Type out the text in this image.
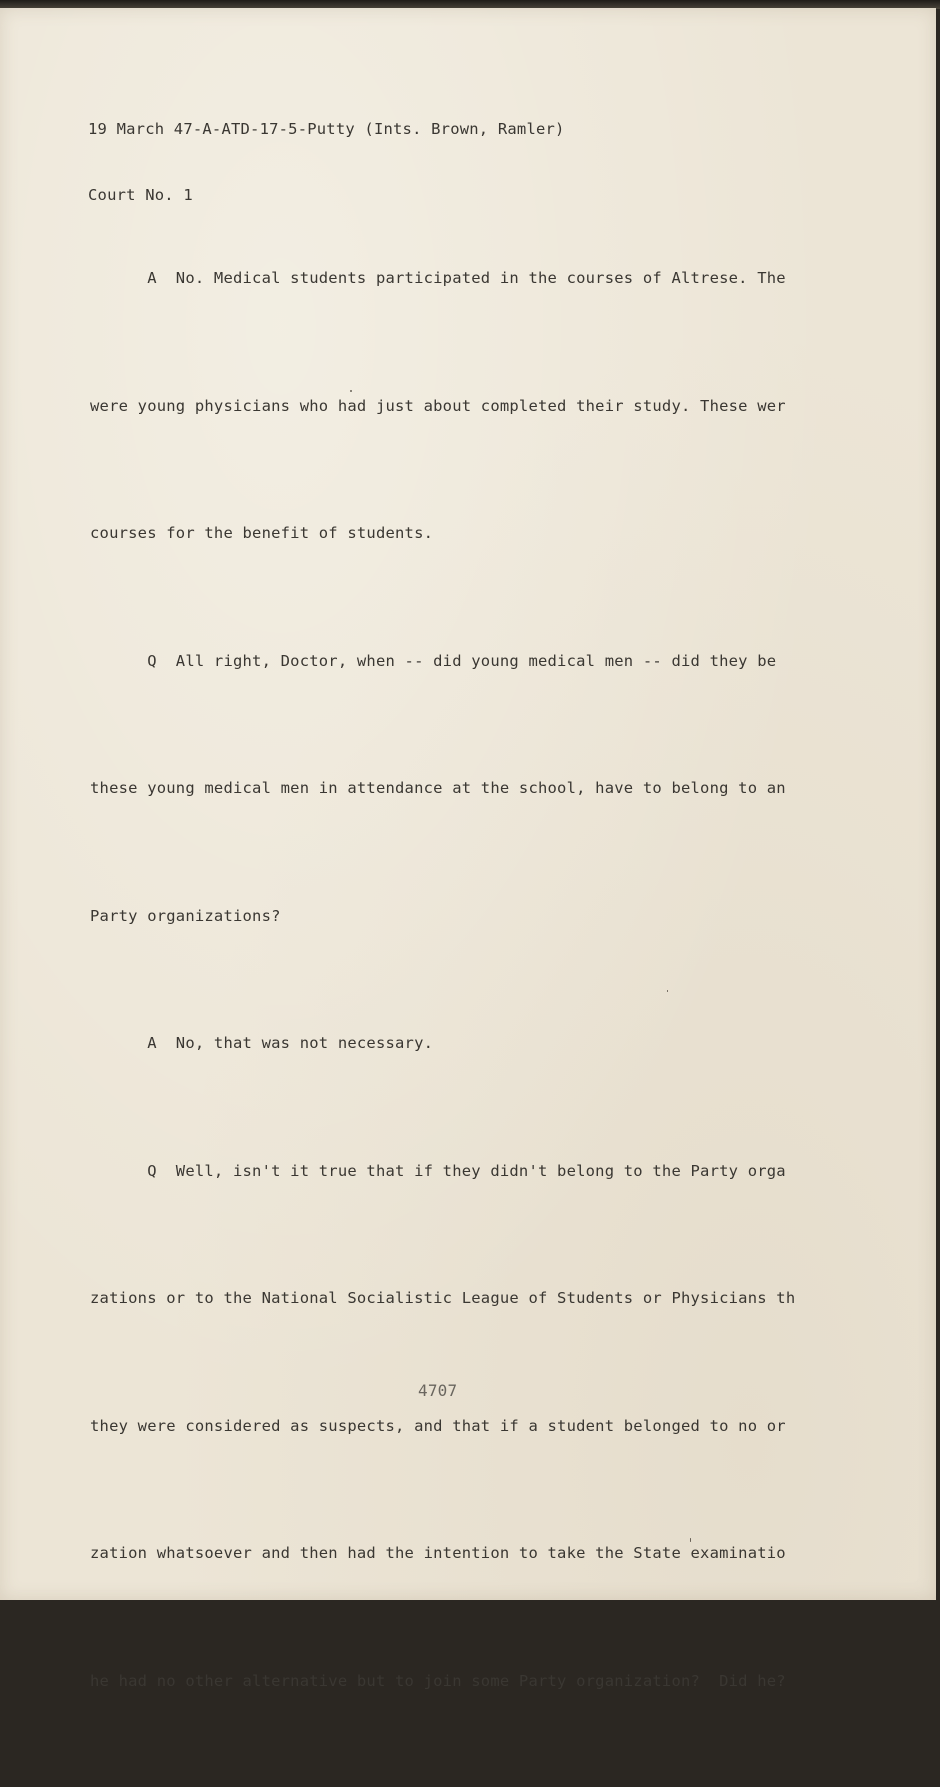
19 March 47-A-ATD-17-5-Putty (Ints. Brown, Ramler)

Court No. 1

A  No. Medical students participated in the courses of Altrese. The

were young physicians who had just about completed their study. These wer

courses for the benefit of students.

Q  All right, Doctor, when -- did young medical men -- did they be

these young medical men in attendance at the school, have to belong to an

Party organizations?

A  No, that was not necessary.

Q  Well, isn't it true that if they didn't belong to the Party orga

zations or to the National Socialistic League of Students or Physicians th

they were considered as suspects, and that if a student belonged to no or

zation whatsoever and then had the intention to take the State examinatio

he had no other alternative but to join some Party organization?  Did he?

4707
